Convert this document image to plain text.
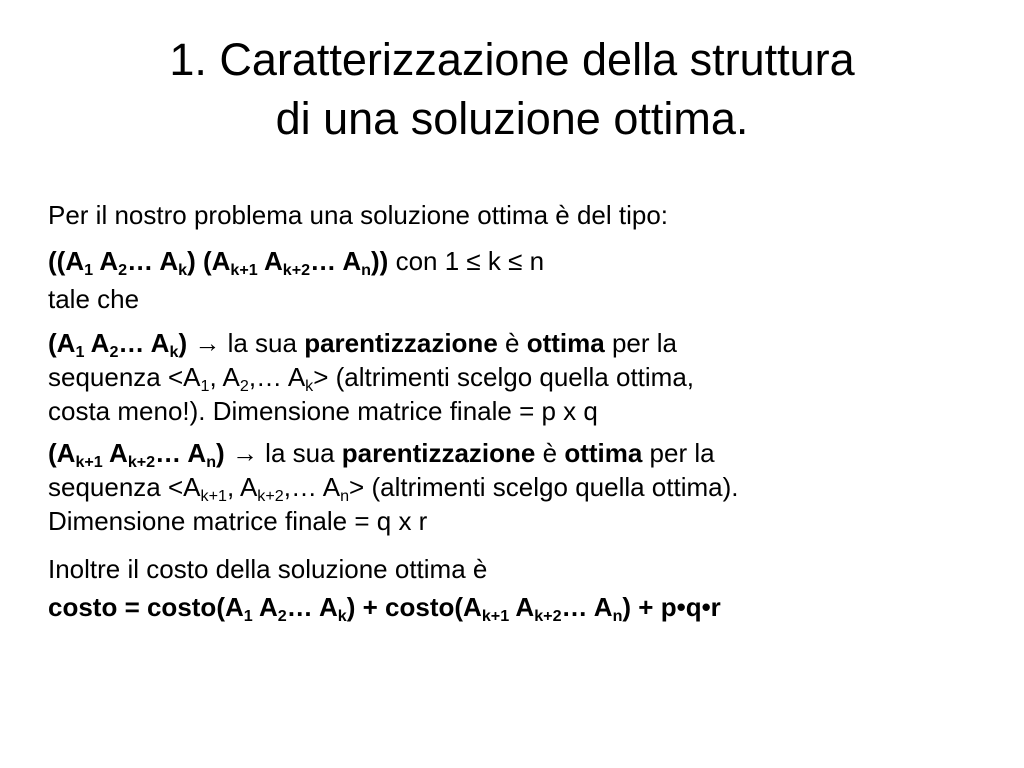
1. Caratterizzazione della struttura
di una soluzione ottima.

Per il nostro problema una soluzione ottima è del tipo:

(($A_1$ $A_2\dots$ $A_k$) ($A_{k+1}$ $A_{k+2}\dots$ $A_n$)) con 1 ≤ k ≤ n

tale che

($A_1$ $A_2\dots$ $A_k$) → la sua parentizzazione è ottima per la
sequenza $<A_1$, $A_2,\dots$ $A_k>$ (altrimenti scelgo quella ottima,
costa meno!). Dimensione matrice finale = p x q

($A_{k+1}$ $A_{k+2}\dots$ $A_n$) → la sua parentizzazione è ottima per la
sequenza $<A_{k+1}$, $A_{k+2},\dots$ $A_n>$ (altrimenti scelgo quella ottima).
Dimensione matrice finale = q x r

Inoltre il costo della soluzione ottima è

costo = $costo(A_1$ $A_2\dots$ $A_k$) + $costo(A_{k+1}$ $A_{k+2}\dots$ $A_n$) + p•q•r
